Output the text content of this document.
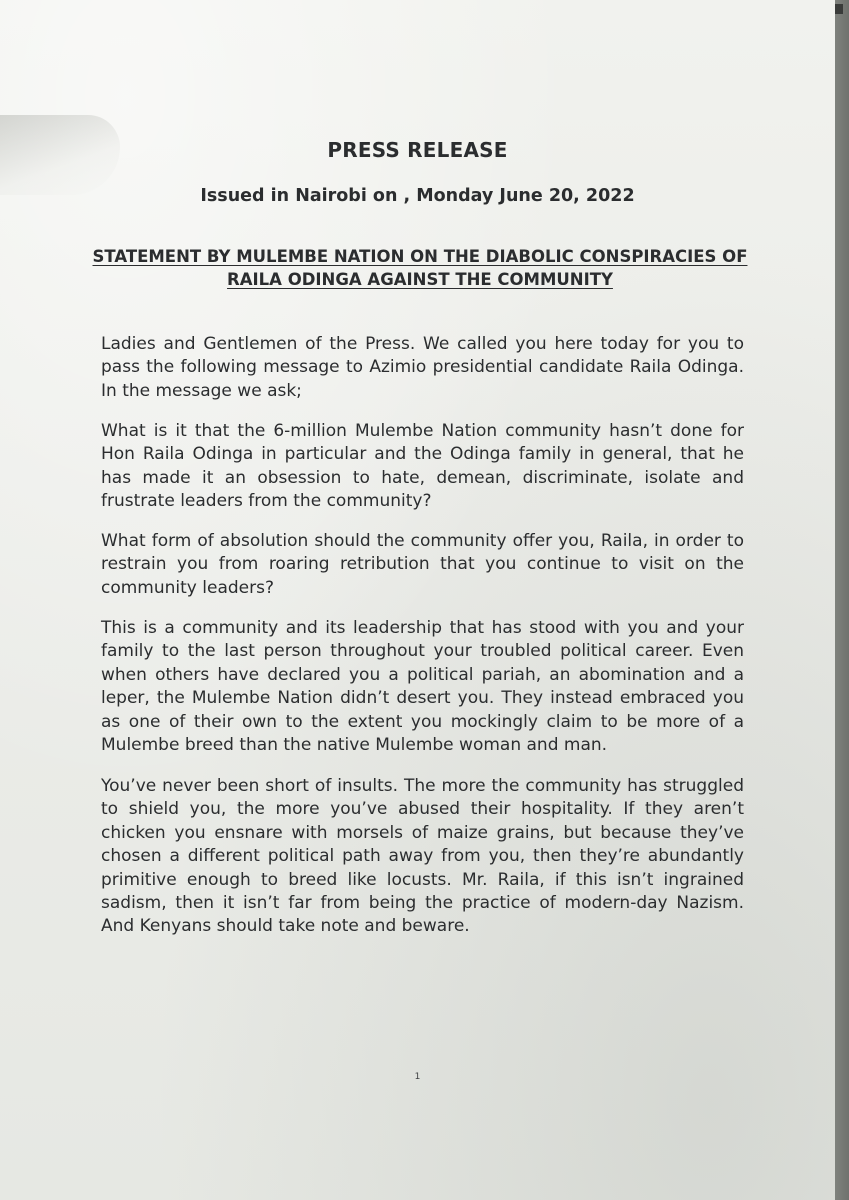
PRESS RELEASE
Issued in Nairobi on , Monday June 20, 2022
STATEMENT BY MULEMBE NATION ON THE DIABOLIC CONSPIRACIES OF RAILA ODINGA AGAINST THE COMMUNITY

Ladies and Gentlemen of the Press. We called you here today for you to pass the following message to Azimio presidential candidate Raila Odinga. In the message we ask;

What is it that the 6-million Mulembe Nation community hasn’t done for Hon Raila Odinga in particular and the Odinga family in general, that he has made it an obsession to hate, demean, discriminate, isolate and frustrate leaders from the community?

What form of absolution should the community offer you, Raila, in order to restrain you from roaring retribution that you continue to visit on the community leaders?

This is a community and its leadership that has stood with you and your family to the last person throughout your troubled political career. Even when others have declared you a political pariah, an abomination and a leper, the Mulembe Nation didn’t desert you. They instead embraced you as one of their own to the extent you mockingly claim to be more of a Mulembe breed than the native Mulembe woman and man.

You’ve never been short of insults. The more the community has struggled to shield you, the more you’ve abused their hospitality. If they aren’t chicken you ensnare with morsels of maize grains, but because they’ve chosen a different political path away from you, then they’re abundantly primitive enough to breed like locusts. Mr. Raila, if this isn’t ingrained sadism, then it isn’t far from being the practice of modern-day Nazism. And Kenyans should take note and beware.

1
